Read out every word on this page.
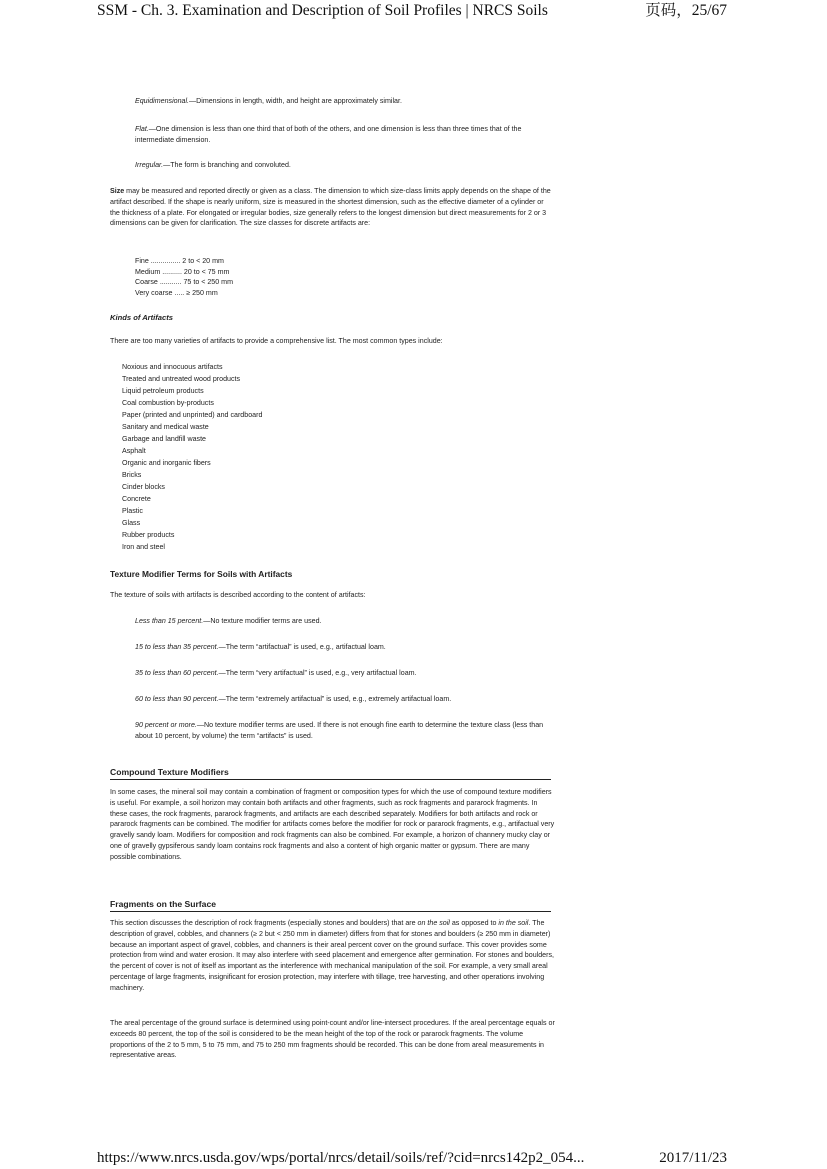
SSM - Ch. 3. Examination and Description of Soil Profiles | NRCS Soils	页码，25/67

Equidimensional.—Dimensions in length, width, and height are approximately similar.

Flat.—One dimension is less than one third that of both of the others, and one dimension is less than three times that of the intermediate dimension.

Irregular.—The form is branching and convoluted.

Size may be measured and reported directly or given as a class. The dimension to which size-class limits apply depends on the shape of the artifact described. If the shape is nearly uniform, size is measured in the shortest dimension, such as the effective diameter of a cylinder or the thickness of a plate. For elongated or irregular bodies, size generally refers to the longest dimension but direct measurements for 2 or 3 dimensions can be given for clarification. The size classes for discrete artifacts are:

Fine ............... 2 to < 20 mm
Medium .......... 20 to < 75 mm
Coarse ........... 75 to < 250 mm
Very coarse ..... ≥ 250 mm
Kinds of Artifacts

There are too many varieties of artifacts to provide a comprehensive list. The most common types include:

Noxious and innocuous artifacts
Treated and untreated wood products
Liquid petroleum products
Coal combustion by-products
Paper (printed and unprinted) and cardboard
Sanitary and medical waste
Garbage and landfill waste
Asphalt
Organic and inorganic fibers
Bricks
Cinder blocks
Concrete
Plastic
Glass
Rubber products
Iron and steel
Texture Modifier Terms for Soils with Artifacts

The texture of soils with artifacts is described according to the content of artifacts:

Less than 15 percent.—No texture modifier terms are used.

15 to less than 35 percent.—The term “artifactual” is used, e.g., artifactual loam.

35 to less than 60 percent.—The term “very artifactual” is used, e.g., very artifactual loam.

60 to less than 90 percent.—The term “extremely artifactual” is used, e.g., extremely artifactual loam.

90 percent or more.—No texture modifier terms are used. If there is not enough fine earth to determine the texture class (less than about 10 percent, by volume) the term “artifacts” is used.

Compound Texture Modifiers

In some cases, the mineral soil may contain a combination of fragment or composition types for which the use of compound texture modifiers is useful. For example, a soil horizon may contain both artifacts and other fragments, such as rock fragments and pararock fragments. In these cases, the rock fragments, pararock fragments, and artifacts are each described separately. Modifiers for both artifacts and rock or pararock fragments can be combined. The modifier for artifacts comes before the modifier for rock or pararock fragments, e.g., artifactual very gravelly sandy loam. Modifiers for composition and rock fragments can also be combined. For example, a horizon of channery mucky clay or one of gravelly gypsiferous sandy loam contains rock fragments and also a content of high organic matter or gypsum. There are many possible combinations.

Fragments on the Surface

This section discusses the description of rock fragments (especially stones and boulders) that are on the soil as opposed to in the soil. The description of gravel, cobbles, and channers (≥ 2 but < 250 mm in diameter) differs from that for stones and boulders (≥ 250 mm in diameter) because an important aspect of gravel, cobbles, and channers is their areal percent cover on the ground surface. This cover provides some protection from wind and water erosion. It may also interfere with seed placement and emergence after germination. For stones and boulders, the percent of cover is not of itself as important as the interference with mechanical manipulation of the soil. For example, a very small areal percentage of large fragments, insignificant for erosion protection, may interfere with tillage, tree harvesting, and other operations involving machinery.

The areal percentage of the ground surface is determined using point-count and/or line-intersect procedures. If the areal percentage equals or exceeds 80 percent, the top of the soil is considered to be the mean height of the top of the rock or pararock fragments. The volume proportions of the 2 to 5 mm, 5 to 75 mm, and 75 to 250 mm fragments should be recorded. This can be done from areal measurements in representative areas.

https://www.nrcs.usda.gov/wps/portal/nrcs/detail/soils/ref/?cid=nrcs142p2_054...	2017/11/23
